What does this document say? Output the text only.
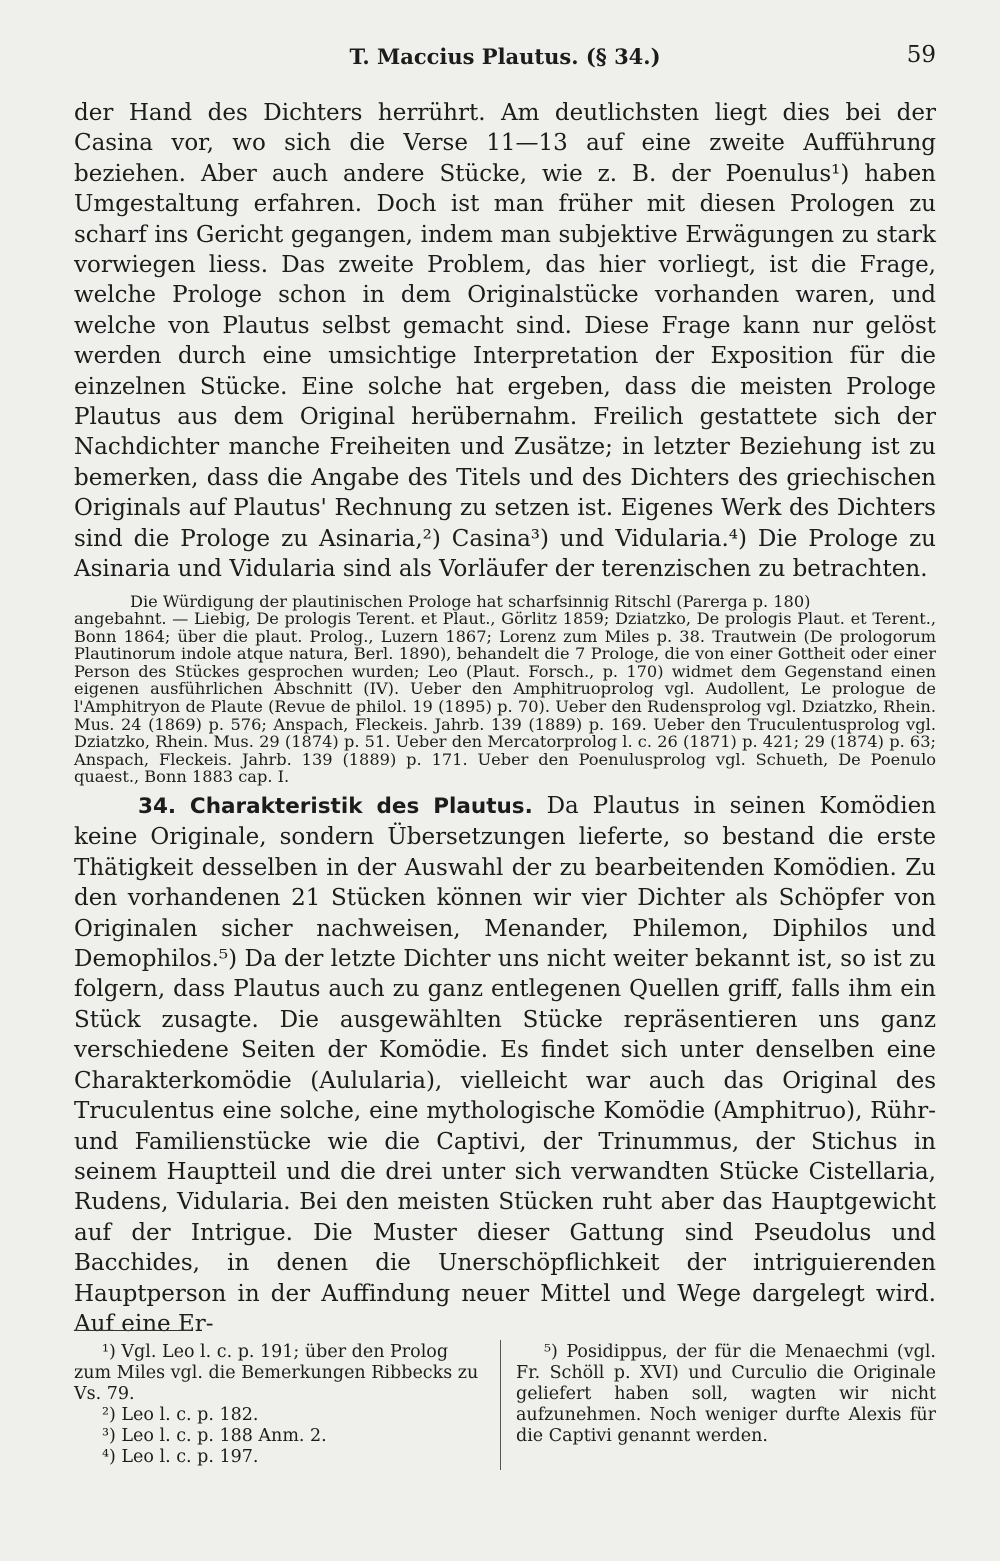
T. Maccius Plautus. (§ 34.)	59

der Hand des Dichters herrührt. Am deutlichsten liegt dies bei der Casina vor, wo sich die Verse 11—13 auf eine zweite Aufführung beziehen. Aber auch andere Stücke, wie z. B. der Poenulus¹) haben Umgestaltung erfahren. Doch ist man früher mit diesen Prologen zu scharf ins Gericht gegangen, indem man subjektive Erwägungen zu stark vorwiegen liess. Das zweite Problem, das hier vorliegt, ist die Frage, welche Prologe schon in dem Originalstücke vorhanden waren, und welche von Plautus selbst gemacht sind. Diese Frage kann nur gelöst werden durch eine umsichtige Interpretation der Exposition für die einzelnen Stücke. Eine solche hat ergeben, dass die meisten Prologe Plautus aus dem Original herübernahm. Freilich gestattete sich der Nachdichter manche Freiheiten und Zusätze; in letzter Beziehung ist zu bemerken, dass die Angabe des Titels und des Dichters des griechischen Originals auf Plautus' Rechnung zu setzen ist. Eigenes Werk des Dichters sind die Prologe zu Asinaria,²) Casina³) und Vidularia.⁴) Die Prologe zu Asinaria und Vidularia sind als Vorläufer der terenzischen zu betrachten.

Die Würdigung der plautinischen Prologe hat scharfsinnig Ritschl (Parerga p. 180)
angebahnt. — Liebig, De prologis Terent. et Plaut., Görlitz 1859; Dziatzko, De prologis Plaut. et Terent., Bonn 1864; über die plaut. Prolog., Luzern 1867; Lorenz zum Miles p. 38. Trautwein (De prologorum Plautinorum indole atque natura, Berl. 1890), behandelt die 7 Prologe, die von einer Gottheit oder einer Person des Stückes gesprochen wurden; Leo (Plaut. Forsch., p. 170) widmet dem Gegenstand einen eigenen ausführlichen Abschnitt (IV). Ueber den Amphitruoprolog vgl. Audollent, Le prologue de l'Amphitryon de Plaute (Revue de philol. 19 (1895) p. 70). Ueber den Rudensprolog vgl. Dziatzko, Rhein. Mus. 24 (1869) p. 576; Anspach, Fleckeis. Jahrb. 139 (1889) p. 169. Ueber den Truculentusprolog vgl. Dziatzko, Rhein. Mus. 29 (1874) p. 51. Ueber den Mercatorprolog l. c. 26 (1871) p. 421; 29 (1874) p. 63; Anspach, Fleckeis. Jahrb. 139 (1889) p. 171. Ueber den Poenulusprolog vgl. Schueth, De Poenulo quaest., Bonn 1883 cap. I.

34. Charakteristik des Plautus. Da Plautus in seinen Komödien keine Originale, sondern Übersetzungen lieferte, so bestand die erste Thätigkeit desselben in der Auswahl der zu bearbeitenden Komödien. Zu den vorhandenen 21 Stücken können wir vier Dichter als Schöpfer von Originalen sicher nachweisen, Menander, Philemon, Diphilos und Demophilos.⁵) Da der letzte Dichter uns nicht weiter bekannt ist, so ist zu folgern, dass Plautus auch zu ganz entlegenen Quellen griff, falls ihm ein Stück zusagte. Die ausgewählten Stücke repräsentieren uns ganz verschiedene Seiten der Komödie. Es findet sich unter denselben eine Charakterkomödie (Aulularia), vielleicht war auch das Original des Truculentus eine solche, eine mythologische Komödie (Amphitruo), Rühr- und Familienstücke wie die Captivi, der Trinummus, der Stichus in seinem Hauptteil und die drei unter sich verwandten Stücke Cistellaria, Rudens, Vidularia. Bei den meisten Stücken ruht aber das Hauptgewicht auf der Intrigue. Die Muster dieser Gattung sind Pseudolus und Bacchides, in denen die Unerschöpflichkeit der intriguierenden Hauptperson in der Auffindung neuer Mittel und Wege dargelegt wird. Auf eine Er-

¹) Vgl. Leo l. c. p. 191; über den Prolog zum Miles vgl. die Bemerkungen Ribbecks zu Vs. 79.

²) Leo l. c. p. 182.

³) Leo l. c. p. 188 Anm. 2.

⁴) Leo l. c. p. 197.

⁵) Posidippus, der für die Menaechmi (vgl. Fr. Schöll p. XVI) und Curculio die Originale geliefert haben soll, wagten wir nicht aufzunehmen. Noch weniger durfte Alexis für die Captivi genannt werden.
